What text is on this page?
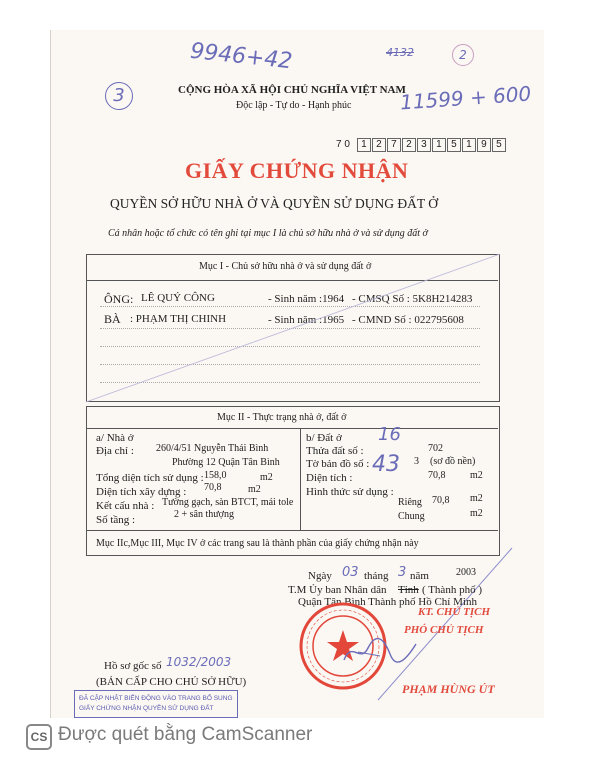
9946+42	4132
3
2
11599 + 600
CỘNG HÒA XÃ HỘI CHỦ NGHĨA VIỆT NAM
Độc lập - Tự do - Hạnh phúc
7 0 1 2 7 2 3 1 5 1 9 5
GIẤY CHỨNG NHẬN
QUYỀN SỞ HỮU NHÀ Ở VÀ QUYỀN SỬ DỤNG ĐẤT Ở
Cá nhân hoặc tổ chức có tên ghi tại mục I là chủ sở hữu nhà ở và sử dụng đất ở
Mục I - Chủ sở hữu nhà ở và sử dụng đất ở
ÔNG: LÊ QUÝ CÔNG	- Sinh năm :1964 - CMSQ Số : 5K8H214283
BÀ : PHẠM THỊ CHINH	- Sinh năm :1965 - CMND Số : 022795608
Mục II - Thực trạng nhà ở, đất ở
a/ Nhà ở
Địa chỉ : 260/4/51 Nguyễn Thái Bình
Phường 12 Quận Tân Bình
Tổng diện tích sử dụng : 158,0	m2
Diện tích xây dựng : 70,8	m2
Kết cấu nhà : Tường gạch, sàn BTCT, mái tole
Số tầng :	2 + sân thượng
b/ Đất ở 16
Thửa đất số :	702
Tờ bản đồ số : 43 3 (sơ đồ nền)
Diện tích :	70,8 m2
Hình thức sử dụng :
Riêng 70,8 m2
Chung	m2
Mục IIc,Mục III, Mục IV ở các trang sau là thành phần của giấy chứng nhận này
Ngày 03 tháng 3 năm	2003
T.M Ủy ban Nhân dân Tỉnh ( Thành phố )
Quận Tân Bình Thành phố Hồ Chí Minh
KT. CHỦ TỊCH
PHÓ CHỦ TỊCH
PHẠM HÙNG ÚT
Hồ sơ gốc số 1032/2003
(BẢN CẤP CHO CHỦ SỞ HỮU)
ĐÃ CẬP NHẬT BIẾN ĐỘNG VÀO TRANG BỔ SUNG
GIẤY CHỨNG NHẬN QUYỀN SỬ DỤNG ĐẤT
CS Được quét bằng CamScanner
